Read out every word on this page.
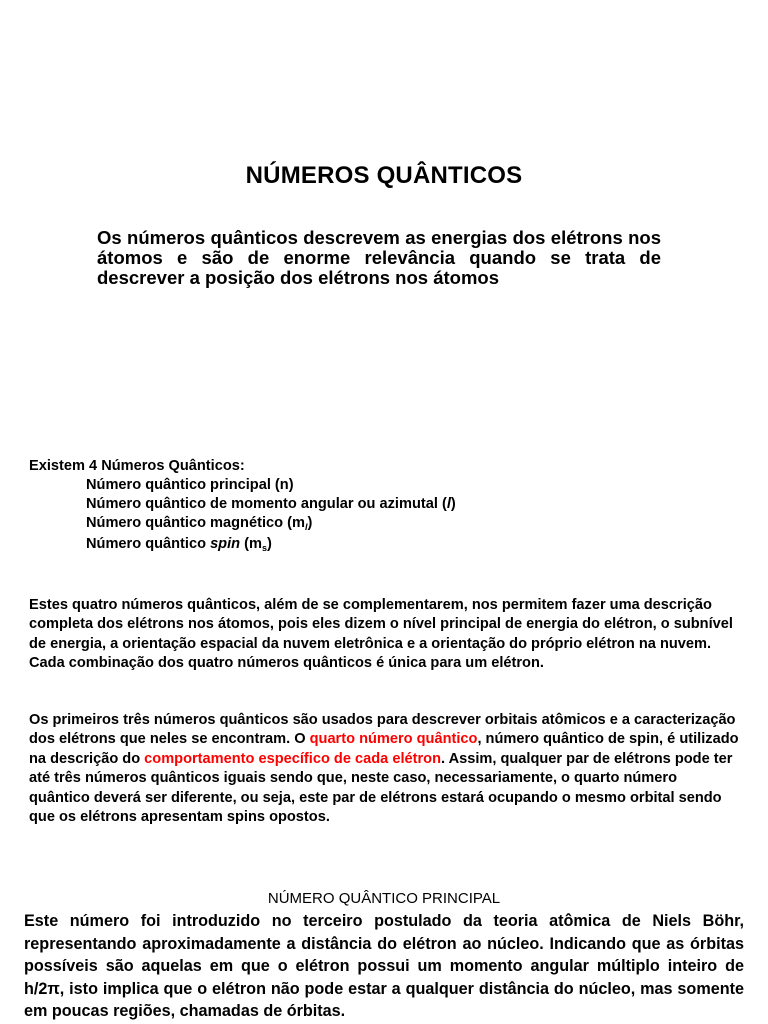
NÚMEROS QUÂNTICOS
Os números quânticos descrevem as energias dos elétrons nos átomos e são de enorme relevância quando se trata de descrever a posição dos elétrons nos átomos
Existem 4 Números Quânticos:
Número quântico principal (n)
Número quântico de momento angular ou azimutal (l)
Número quântico magnético $(m_l)$
Número quântico spin $(m_s)$
Estes quatro números quânticos, além de se complementarem, nos permitem fazer uma descrição completa dos elétrons nos átomos, pois eles dizem o nível principal de energia do elétron, o subnível de energia, a orientação espacial da nuvem eletrônica e a orientação do próprio elétron na nuvem. Cada combinação dos quatro números quânticos é única para um elétron.
Os primeiros três números quânticos são usados para descrever orbitais atômicos e a caracterização dos elétrons que neles se encontram. O quarto número quântico, número quântico de spin, é utilizado na descrição do comportamento específico de cada elétron. Assim, qualquer par de elétrons pode ter até três números quânticos iguais sendo que, neste caso, necessariamente, o quarto número quântico deverá ser diferente, ou seja, este par de elétrons estará ocupando o mesmo orbital sendo que os elétrons apresentam spins opostos.
NÚMERO QUÂNTICO PRINCIPAL
Este número foi introduzido no terceiro postulado da teoria atômica de Niels Böhr, representando aproximadamente a distância do elétron ao núcleo. Indicando que as órbitas possíveis são aquelas em que o elétron possui um momento angular múltiplo inteiro de h/2π, isto implica que o elétron não pode estar a qualquer distância do núcleo, mas somente em poucas regiões, chamadas de órbitas.
